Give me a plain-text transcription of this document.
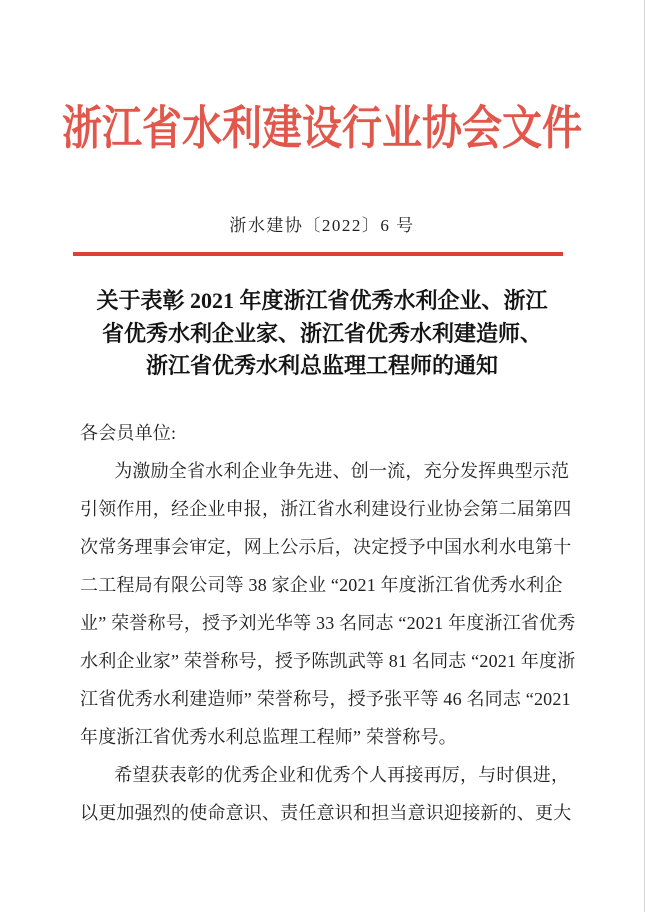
浙江省水利建设行业协会文件
浙水建协〔2022〕6 号
关于表彰 2021 年度浙江省优秀水利企业、浙江
省优秀水利企业家、浙江省优秀水利建造师、
浙江省优秀水利总监理工程师的通知
各会员单位:
为激励全省水利企业争先进、创一流，充分发挥典型示范
引领作用，经企业申报，浙江省水利建设行业协会第二届第四
次常务理事会审定，网上公示后，决定授予中国水利水电第十
二工程局有限公司等 38 家企业 “2021 年度浙江省优秀水利企
业” 荣誉称号，授予刘光华等 33 名同志 “2021 年度浙江省优秀
水利企业家” 荣誉称号，授予陈凯武等 81 名同志 “2021 年度浙
江省优秀水利建造师” 荣誉称号，授予张平等 46 名同志 “2021
年度浙江省优秀水利总监理工程师” 荣誉称号。
希望获表彰的优秀企业和优秀个人再接再厉，与时俱进，
以更加强烈的使命意识、责任意识和担当意识迎接新的、更大
